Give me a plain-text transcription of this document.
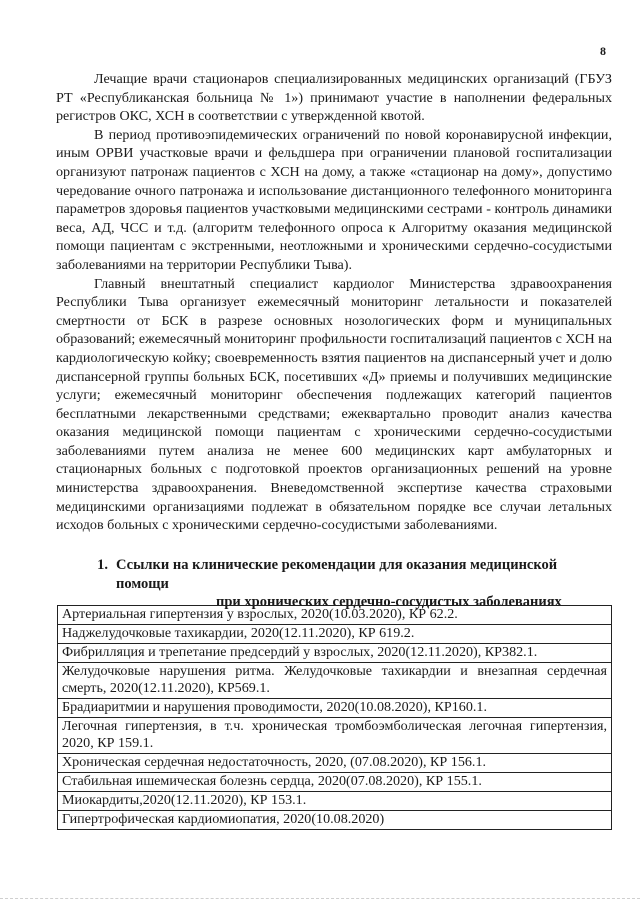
8

Лечащие врачи стационаров специализированных медицинских организаций (ГБУЗ РТ «Республиканская больница № 1») принимают участие в наполнении федеральных регистров ОКС, ХСН в соответствии с утвержденной квотой.

В период противоэпидемических ограничений по новой коронавирусной инфекции, иным ОРВИ участковые врачи и фельдшера при ограничении плановой госпитализации организуют патронаж пациентов с ХСН на дому, а также «стационар на дому», допустимо чередование очного патронажа и использование дистанционного телефонного мониторинга параметров здоровья пациентов участковыми медицинскими сестрами - контроль динамики веса, АД, ЧСС и т.д. (алгоритм телефонного опроса к Алгоритму оказания медицинской помощи пациентам с экстренными, неотложными и хроническими сердечно-сосудистыми заболеваниями на территории Республики Тыва).

Главный внештатный специалист кардиолог Министерства здравоохранения Республики Тыва организует ежемесячный мониторинг летальности и показателей смертности от БСК в разрезе основных нозологических форм и муниципальных образований; ежемесячный мониторинг профильности госпитализаций пациентов с ХСН на кардиологическую койку; своевременность взятия пациентов на диспансерный учет и долю диспансерной группы больных БСК, посетивших «Д» приемы и получивших медицинские услуги; ежемесячный мониторинг обеспечения подлежащих категорий пациентов бесплатными лекарственными средствами; ежеквартально проводит анализ качества оказания медицинской помощи пациентам с хроническими сердечно-сосудистыми заболеваниями путем анализа не менее 600 медицинских карт амбулаторных и стационарных больных с подготовкой проектов организационных решений на уровне министерства здравоохранения. Вневедомственной экспертизе качества страховыми медицинскими организациями подлежат в обязательном порядке все случаи летальных исходов больных с хроническими сердечно-сосудистыми заболеваниями.

1. Ссылки на клинические рекомендации для оказания медицинской помощи
при хронических сердечно-сосудистых заболеваниях
Артериальная гипертензия у взрослых, 2020(10.03.2020), КР 62.2.
Наджелудочковые тахикардии, 2020(12.11.2020), КР 619.2.
Фибрилляция и трепетание предсердий у взрослых, 2020(12.11.2020), КР382.1.
Желудочковые нарушения ритма. Желудочковые тахикардии и внезапная сердечная смерть, 2020(12.11.2020), КР569.1.
Брадиаритмии и нарушения проводимости, 2020(10.08.2020), КР160.1.
Легочная гипертензия, в т.ч. хроническая тромбоэмболическая легочная гипертензия, 2020, КР 159.1.
Хроническая сердечная недостаточность, 2020, (07.08.2020), КР 156.1.
Стабильная ишемическая болезнь сердца, 2020(07.08.2020), КР 155.1.
Миокардиты,2020(12.11.2020), КР 153.1.
Гипертрофическая кардиомиопатия, 2020(10.08.2020)
